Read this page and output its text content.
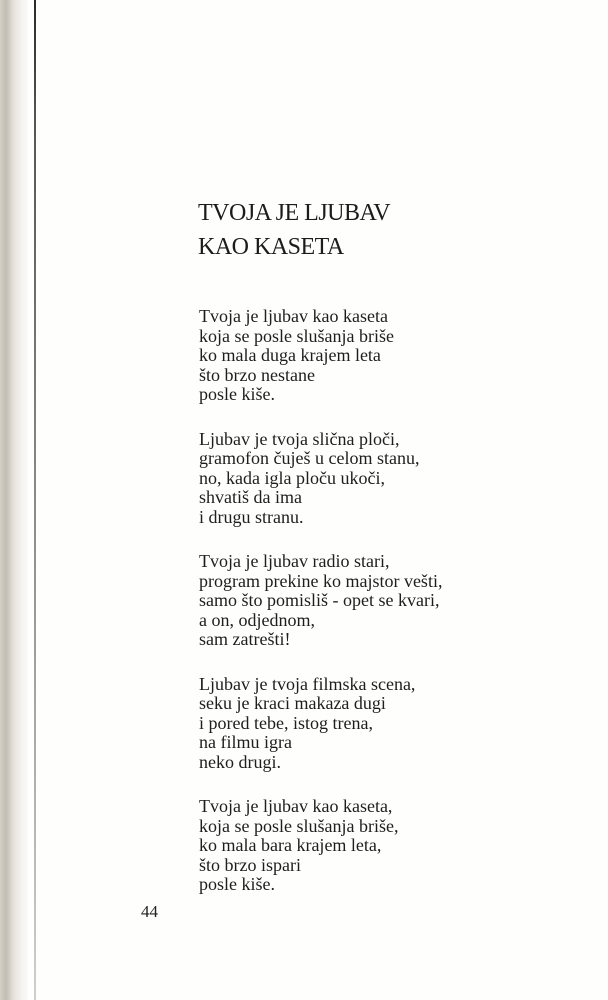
TVOJA JE LJUBAV
KAO KASETA
Tvoja je ljubav kao kaseta
koja se posle slušanja briše
ko mala duga krajem leta
što brzo nestane
posle kiše.
Ljubav je tvoja slična ploči,
gramofon čuješ u celom stanu,
no, kada igla ploču ukoči,
shvatiš da ima
i drugu stranu.
Tvoja je ljubav radio stari,
program prekine ko majstor vešti,
samo što pomisliš - opet se kvari,
a on, odjednom,
sam zatrešti!
Ljubav je tvoja filmska scena,
seku je kraci makaza dugi
i pored tebe, istog trena,
na filmu igra
neko drugi.
Tvoja je ljubav kao kaseta,
koja se posle slušanja briše,
ko mala bara krajem leta,
što brzo ispari
posle kiše.
44
